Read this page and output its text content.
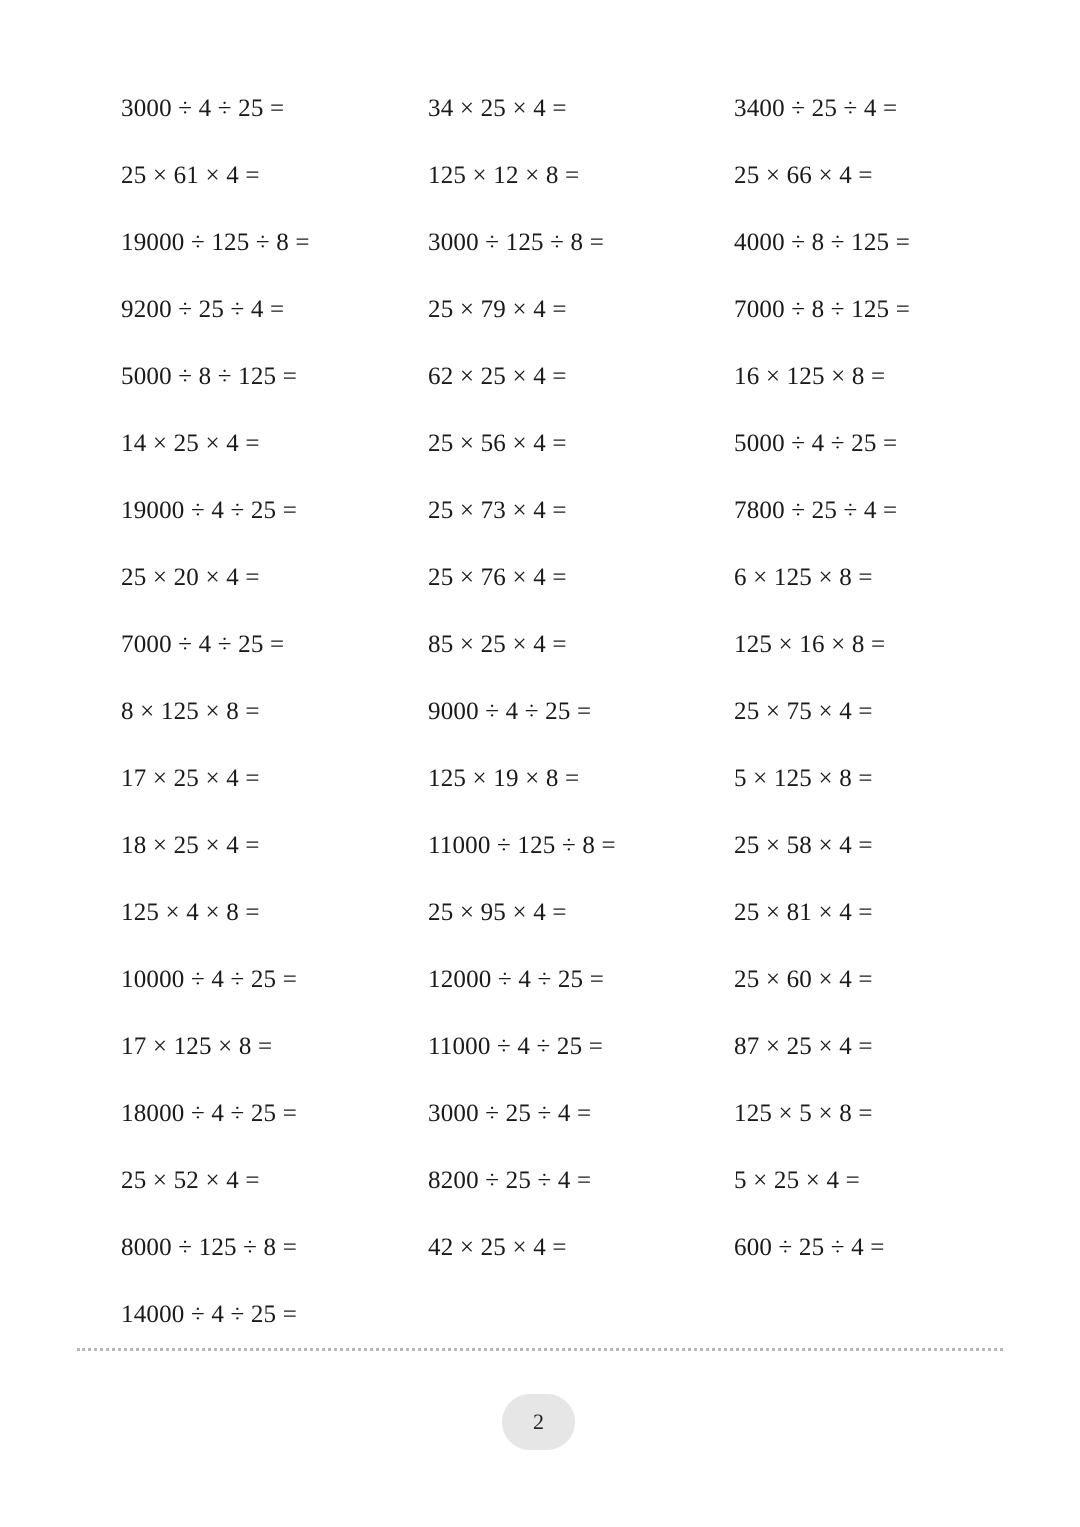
3000 ÷ 4 ÷ 25 =
25 × 61 × 4 =
19000 ÷ 125 ÷ 8 =
9200 ÷ 25 ÷ 4 =
5000 ÷ 8 ÷ 125 =
14 × 25 × 4 =
19000 ÷ 4 ÷ 25 =
25 × 20 × 4 =
7000 ÷ 4 ÷ 25 =
8 × 125 × 8 =
17 × 25 × 4 =
18 × 25 × 4 =
125 × 4 × 8 =
10000 ÷ 4 ÷ 25 =
17 × 125 × 8 =
18000 ÷ 4 ÷ 25 =
25 × 52 × 4 =
8000 ÷ 125 ÷ 8 =
14000 ÷ 4 ÷ 25 =
34 × 25 × 4 =
125 × 12 × 8 =
3000 ÷ 125 ÷ 8 =
25 × 79 × 4 =
62 × 25 × 4 =
25 × 56 × 4 =
25 × 73 × 4 =
25 × 76 × 4 =
85 × 25 × 4 =
9000 ÷ 4 ÷ 25 =
125 × 19 × 8 =
11000 ÷ 125 ÷ 8 =
25 × 95 × 4 =
12000 ÷ 4 ÷ 25 =
11000 ÷ 4 ÷ 25 =
3000 ÷ 25 ÷ 4 =
8200 ÷ 25 ÷ 4 =
42 × 25 × 4 =
3400 ÷ 25 ÷ 4 =
25 × 66 × 4 =
4000 ÷ 8 ÷ 125 =
7000 ÷ 8 ÷ 125 =
16 × 125 × 8 =
5000 ÷ 4 ÷ 25 =
7800 ÷ 25 ÷ 4 =
6 × 125 × 8 =
125 × 16 × 8 =
25 × 75 × 4 =
5 × 125 × 8 =
25 × 58 × 4 =
25 × 81 × 4 =
25 × 60 × 4 =
87 × 25 × 4 =
125 × 5 × 8 =
5 × 25 × 4 =
600 ÷ 25 ÷ 4 =
2
